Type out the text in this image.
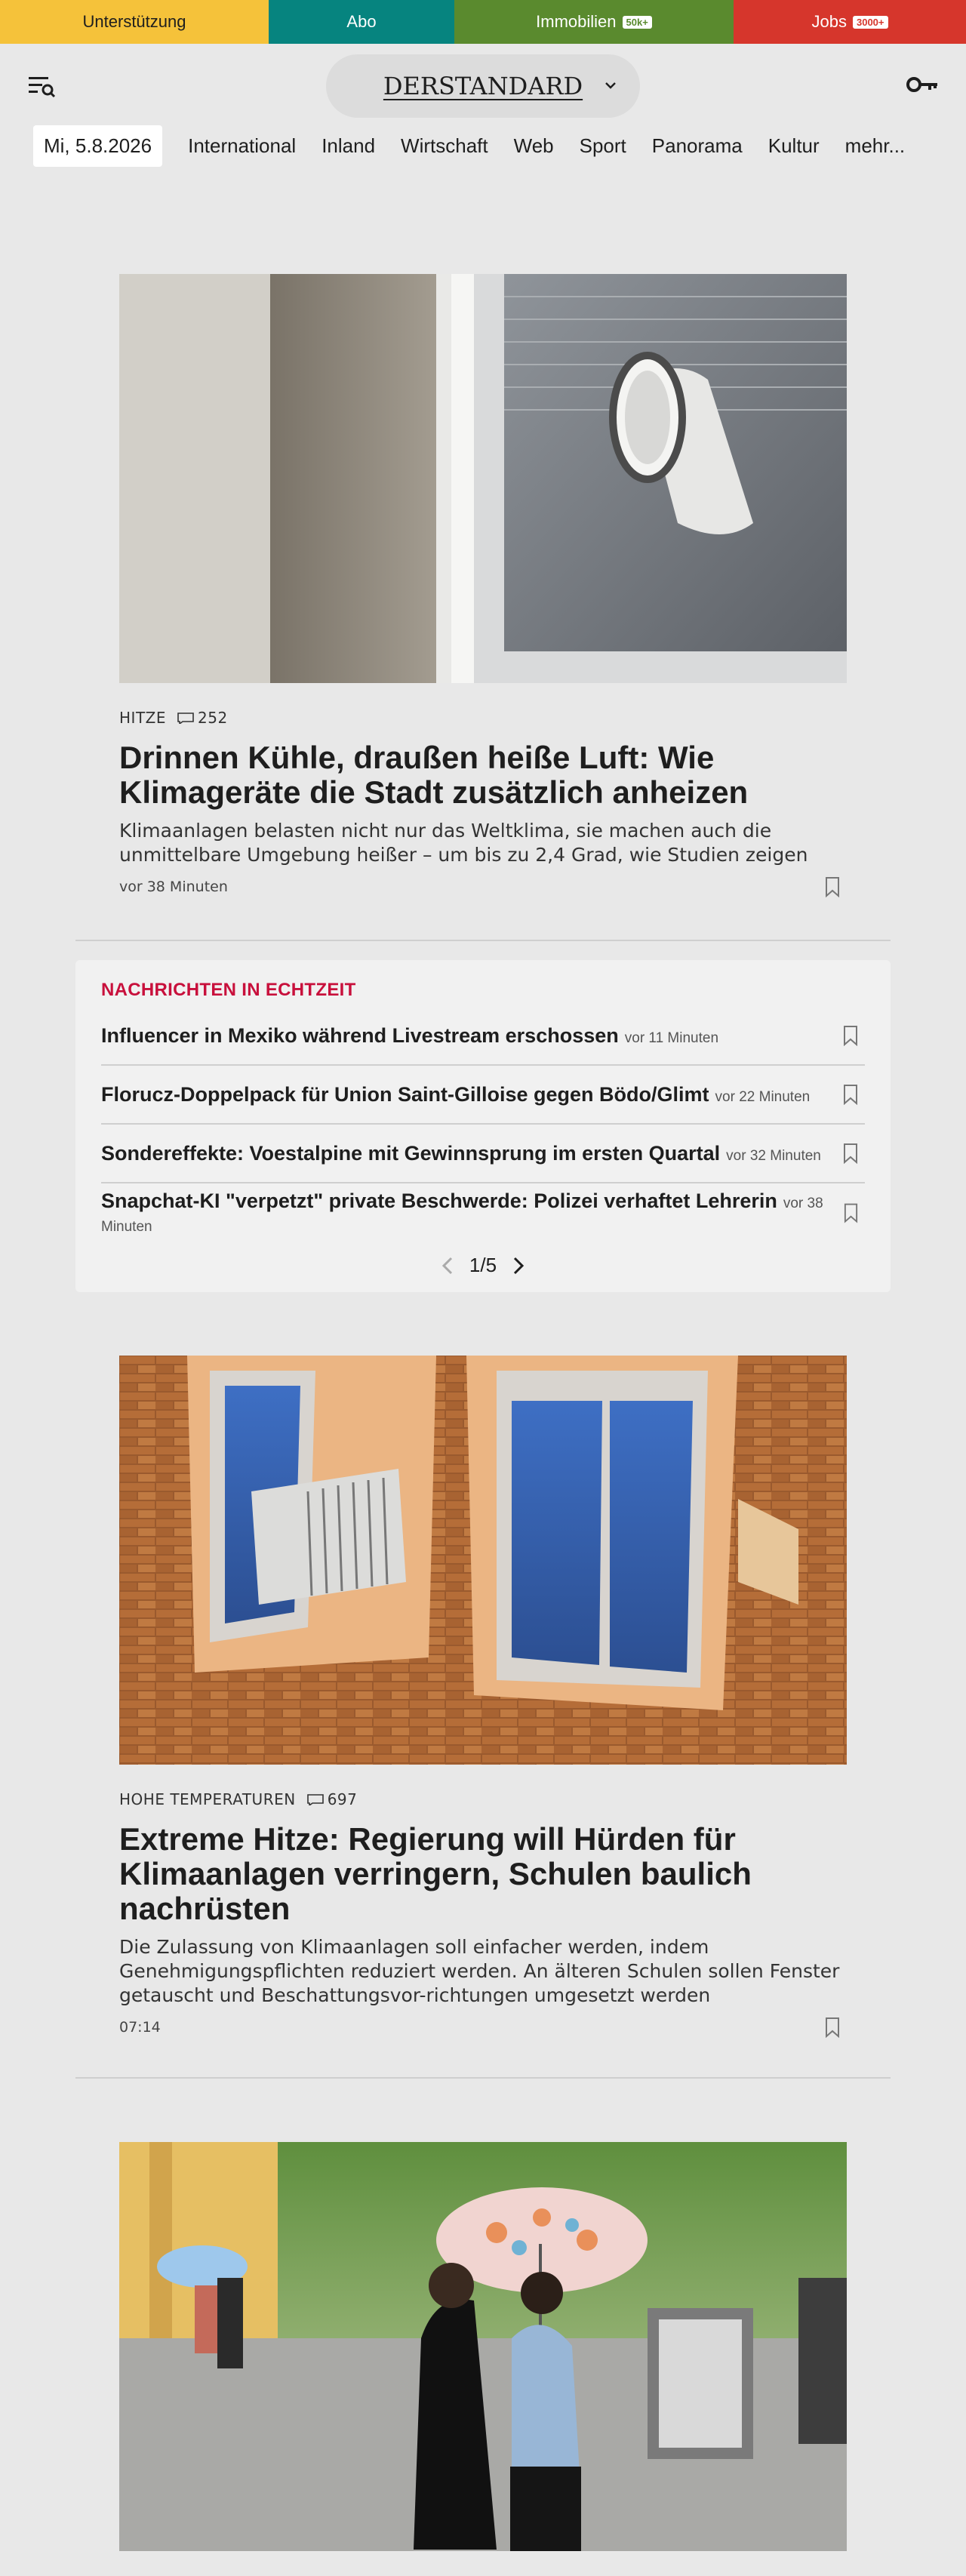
Unterstützung	Abo	Immobilien	50k+	Jobs	3000+
DERSTANDARD
Mi, 5.8.2026	International Inland Wirtschaft Web Sport Panorama Kultur mehr...
HITZE 252
Drinnen Kühle, draußen heiße Luft: Wie Klimageräte die Stadt zusätzlich anheizen
Klimaanlagen belasten nicht nur das Weltklima, sie machen auch die unmittelbare Umgebung heißer – um bis zu 2,4 Grad, wie Studien zeigen
vor 38 Minuten
NACHRICHTEN IN ECHTZEIT
Influencer in Mexiko während Livestream erschossen vor 11 Minuten
Florucz-Doppelpack für Union Saint-Gilloise gegen Bödo/Glimt vor 22 Minuten
Sondereffekte: Voestalpine mit Gewinnsprung im ersten Quartal vor 32 Minuten
Snapchat-KI "verpetzt" private Beschwerde: Polizei verhaftet Lehrerin vor 38 Minuten
1/5
HOHE TEMPERATUREN 697
Extreme Hitze: Regierung will Hürden für Klimaanlagen verringern, Schulen baulich nachrüsten
Die Zulassung von Klimaanlagen soll einfacher werden, indem Genehmigungspflichten reduziert werden. An älteren Schulen sollen Fenster getauscht und Beschattungsvor-richtungen umgesetzt werden
07:14
